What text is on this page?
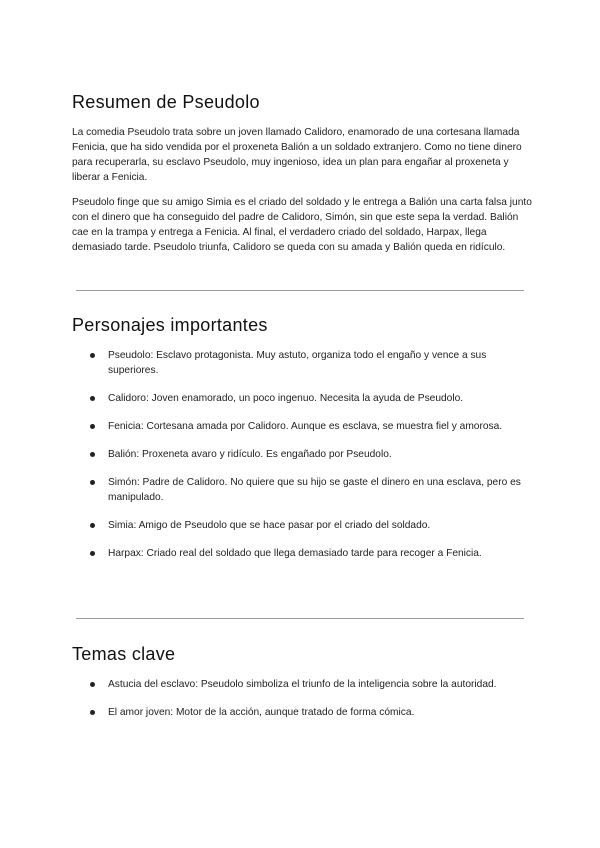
Resumen de Pseudolo

La comedia Pseudolo trata sobre un joven llamado Calidoro, enamorado de una cortesana llamada Fenicia, que ha sido vendida por el proxeneta Balión a un soldado extranjero. Como no tiene dinero para recuperarla, su esclavo Pseudolo, muy ingenioso, idea un plan para engañar al proxeneta y liberar a Fenicia.

Pseudolo finge que su amigo Simia es el criado del soldado y le entrega a Balión una carta falsa junto con el dinero que ha conseguido del padre de Calidoro, Simón, sin que este sepa la verdad. Balión cae en la trampa y entrega a Fenicia. Al final, el verdadero criado del soldado, Harpax, llega demasiado tarde. Pseudolo triunfa, Calidoro se queda con su amada y Balión queda en ridículo.

Personajes importantes
Pseudolo: Esclavo protagonista. Muy astuto, organiza todo el engaño y vence a sus superiores.
Calidoro: Joven enamorado, un poco ingenuo. Necesita la ayuda de Pseudolo.
Fenicia: Cortesana amada por Calidoro. Aunque es esclava, se muestra fiel y amorosa.
Balión: Proxeneta avaro y ridículo. Es engañado por Pseudolo.
Simón: Padre de Calidoro. No quiere que su hijo se gaste el dinero en una esclava, pero es manipulado.
Simia: Amigo de Pseudolo que se hace pasar por el criado del soldado.
Harpax: Criado real del soldado que llega demasiado tarde para recoger a Fenicia.
Temas clave
Astucia del esclavo: Pseudolo simboliza el triunfo de la inteligencia sobre la autoridad.
El amor joven: Motor de la acción, aunque tratado de forma cómica.
